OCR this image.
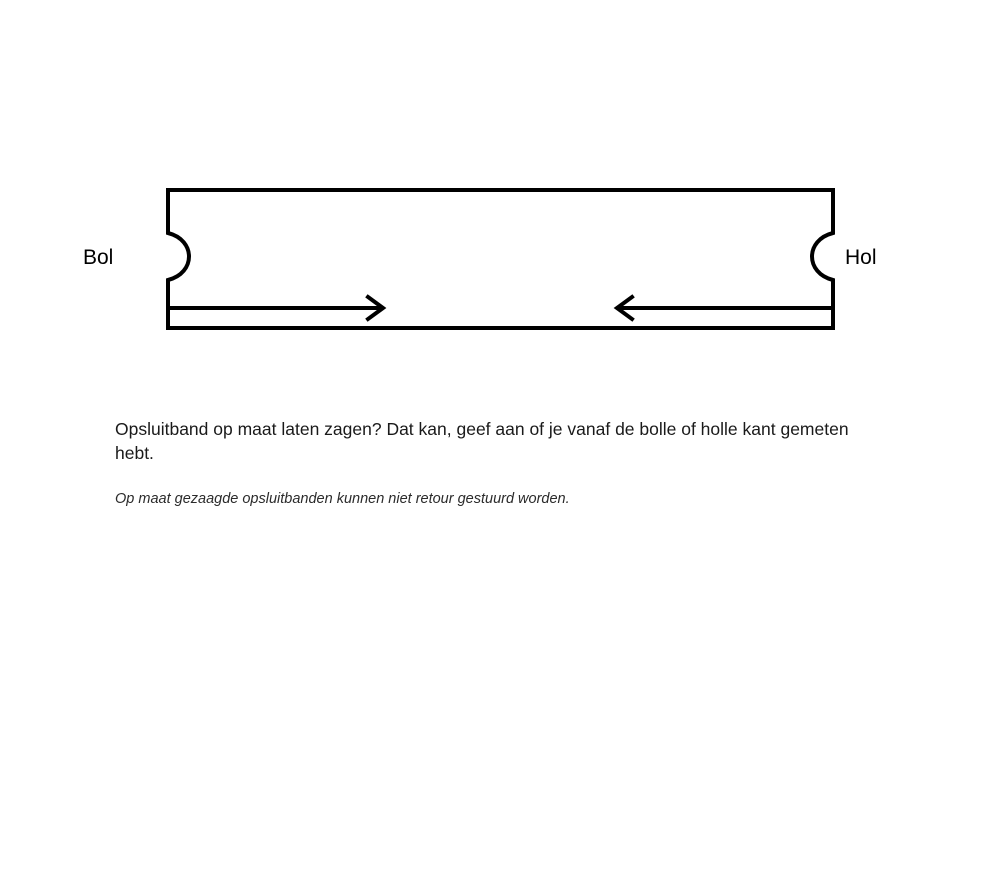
Bol	Hol

Opsluitband op maat laten zagen? Dat kan, geef aan of je vanaf de bolle of holle kant gemeten hebt.

Op maat gezaagde opsluitbanden kunnen niet retour gestuurd worden.
